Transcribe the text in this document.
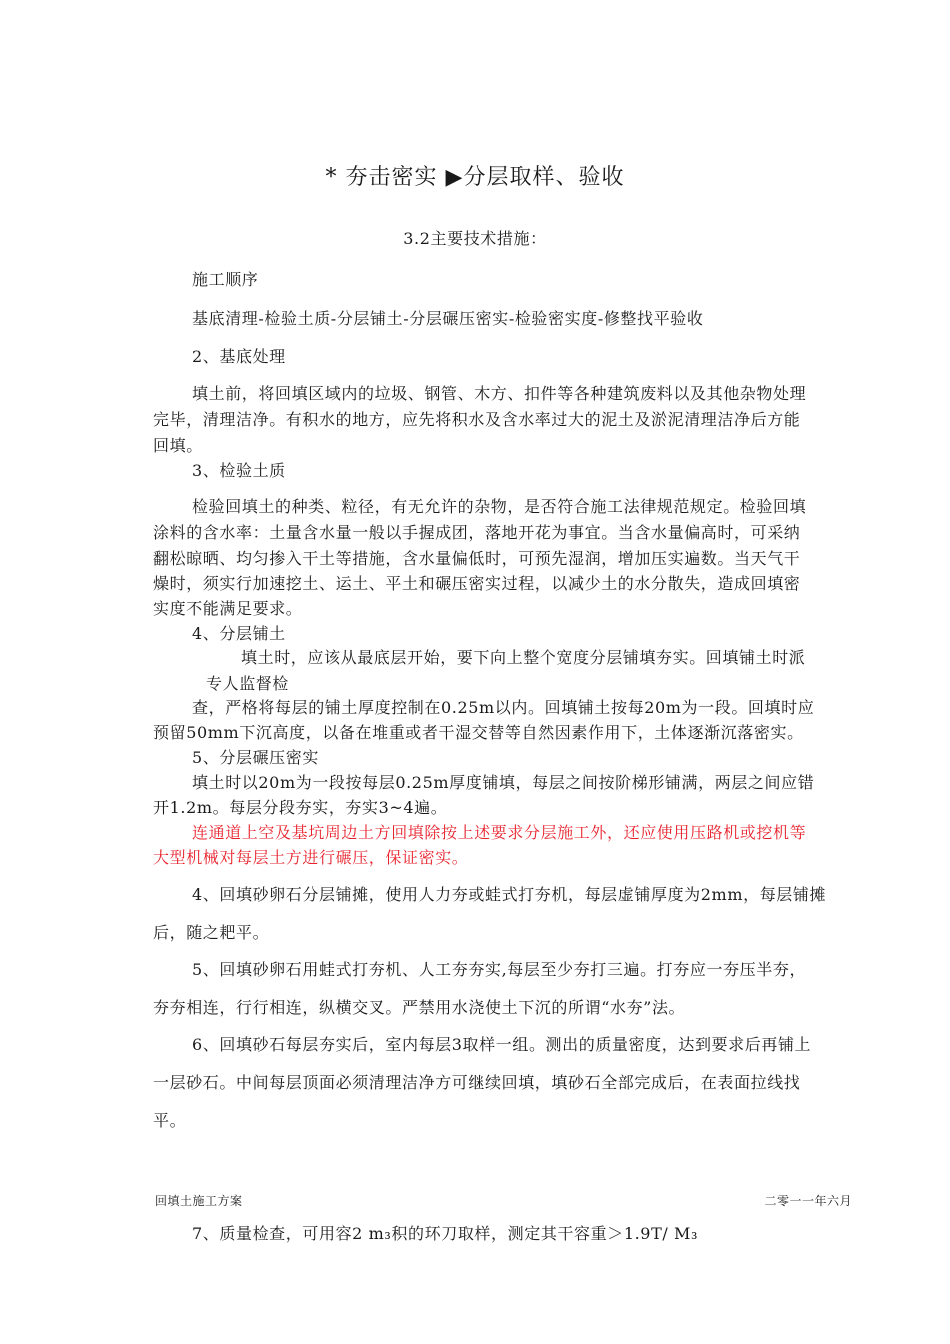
* 夯击密实 ▶分层取样、验收
3.2主要技术措施：
施工顺序
基底清理-检验土质-分层铺土-分层碾压密实-检验密实度-修整找平验收
2、基底处理
填土前，将回填区域内的垃圾、钢管、木方、扣件等各种建筑废料以及其他杂物处理
完毕，清理洁净。有积水的地方，应先将积水及含水率过大的泥土及淤泥清理洁净后方能
回填。
3、检验土质
检验回填土的种类、粒径，有无允许的杂物，是否符合施工法律规范规定。检验回填
涂料的含水率：土量含水量一般以手握成团，落地开花为事宜。当含水量偏高时，可采纳
翻松晾晒、均匀掺入干土等措施，含水量偏低时，可预先湿润，增加压实遍数。当天气干
燥时，须实行加速挖土、运土、平土和碾压密实过程，以减少土的水分散失，造成回填密
实度不能满足要求。
4、分层铺土
填土时，应该从最底层开始，要下向上整个宽度分层铺填夯实。回填铺土时派
专人监督检
查，严格将每层的铺土厚度控制在0.25m以内。回填铺土按每20m为一段。回填时应
预留50mm下沉高度，以备在堆重或者干湿交替等自然因素作用下，土体逐渐沉落密实。
5、分层碾压密实
填土时以20m为一段按每层0.25m厚度铺填，每层之间按阶梯形铺满，两层之间应错
开1.2m。每层分段夯实，夯实3~4遍。
连通道上空及基坑周边土方回填除按上述要求分层施工外，还应使用压路机或挖机等
大型机械对每层土方进行碾压，保证密实。
4、回填砂卵石分层铺摊，使用人力夯或蛙式打夯机，每层虚铺厚度为2mm，每层铺摊
后，随之耙平。
5、回填砂卵石用蛙式打夯机、人工夯夯实,每层至少夯打三遍。打夯应一夯压半夯，
夯夯相连，行行相连，纵横交叉。严禁用水浇使土下沉的所谓“水夯”法。
6、回填砂石每层夯实后，室内每层3取样一组。测出的质量密度，达到要求后再铺上
一层砂石。中间每层顶面必须清理洁净方可继续回填，填砂石全部完成后，在表面拉线找
平。
回填土施工方案	二零一一年六月
7、质量检查，可用容2 m₃积的环刀取样，测定其干容重＞1.9T/ M₃
